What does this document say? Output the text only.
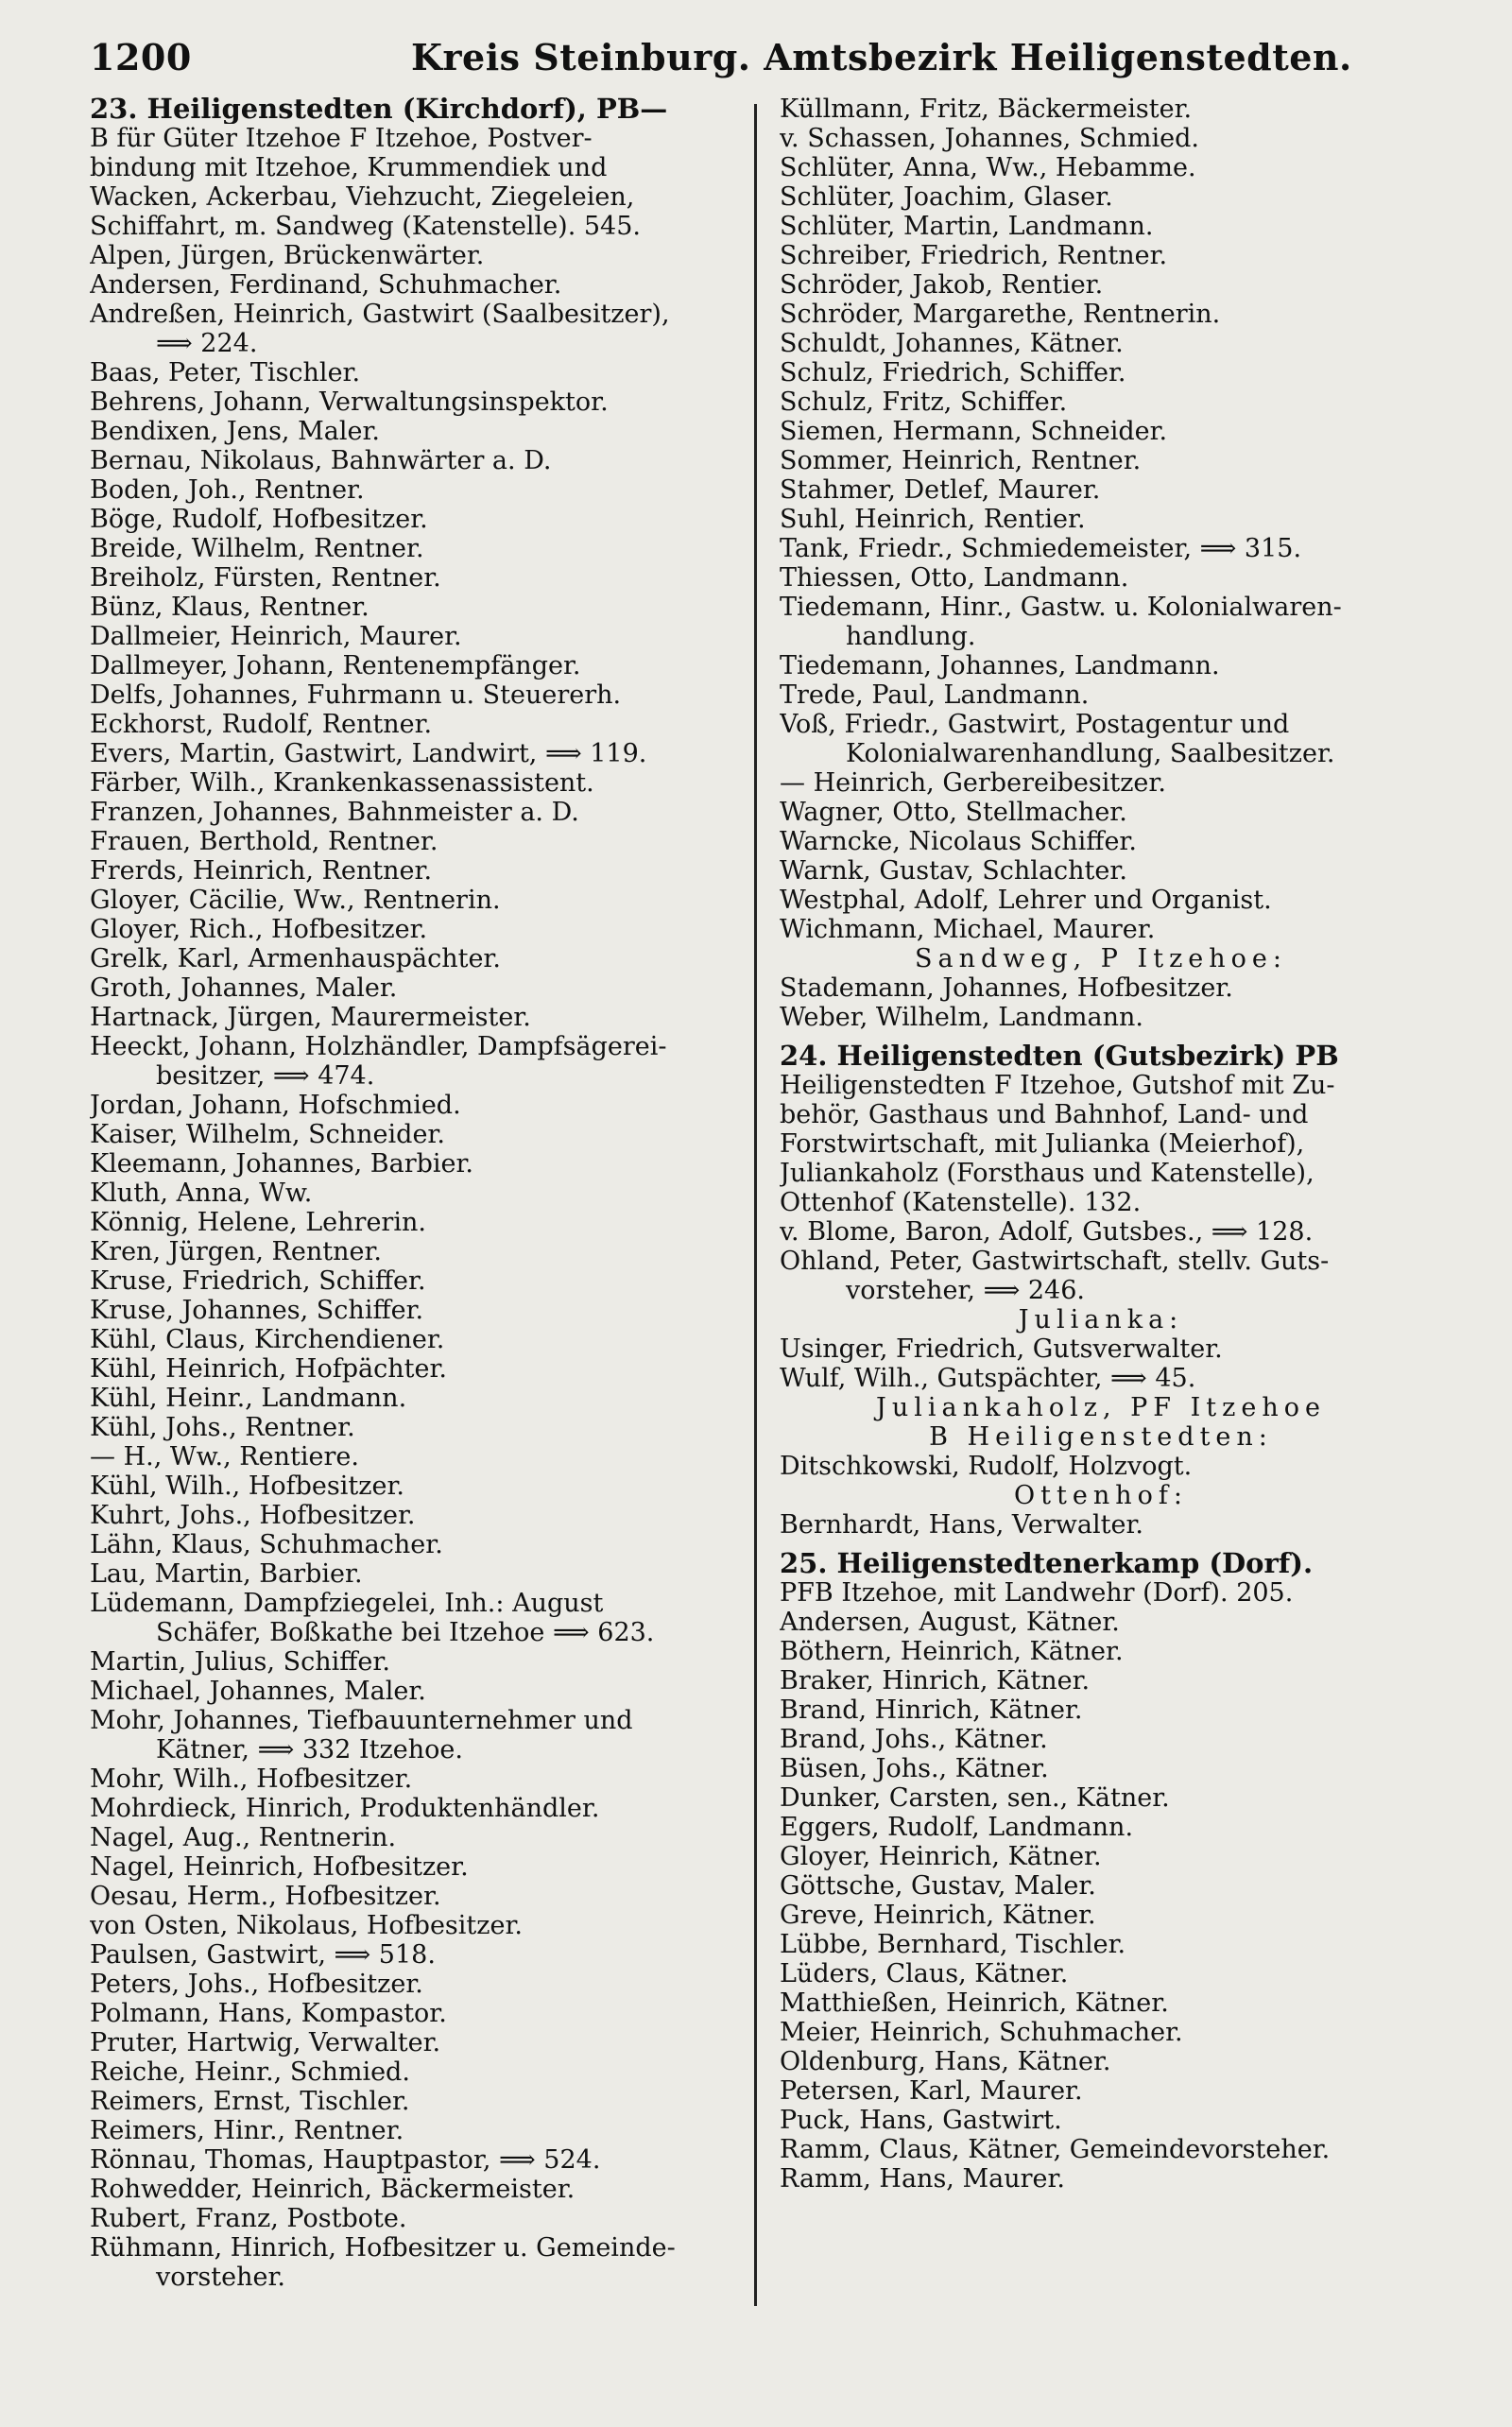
1200	Kreis Steinburg. Amtsbezirk Heiligenstedten.
23. Heiligenstedten (Kirchdorf), PB—
B für Güter Itzehoe F Itzehoe, Postver-
bindung mit Itzehoe, Krummendiek und
Wacken, Ackerbau, Viehzucht, Ziegeleien,
Schiffahrt, m. Sandweg (Katenstelle). 545.
Alpen, Jürgen, Brückenwärter.
Andersen, Ferdinand, Schuhmacher.
Andreßen, Heinrich, Gastwirt (Saalbesitzer),
⟹ 224.
Baas, Peter, Tischler.
Behrens, Johann, Verwaltungsinspektor.
Bendixen, Jens, Maler.
Bernau, Nikolaus, Bahnwärter a. D.
Boden, Joh., Rentner.
Böge, Rudolf, Hofbesitzer.
Breide, Wilhelm, Rentner.
Breiholz, Fürsten, Rentner.
Bünz, Klaus, Rentner.
Dallmeier, Heinrich, Maurer.
Dallmeyer, Johann, Rentenempfänger.
Delfs, Johannes, Fuhrmann u. Steuererh.
Eckhorst, Rudolf, Rentner.
Evers, Martin, Gastwirt, Landwirt, ⟹ 119.
Färber, Wilh., Krankenkassenassistent.
Franzen, Johannes, Bahnmeister a. D.
Frauen, Berthold, Rentner.
Frerds, Heinrich, Rentner.
Gloyer, Cäcilie, Ww., Rentnerin.
Gloyer, Rich., Hofbesitzer.
Grelk, Karl, Armenhauspächter.
Groth, Johannes, Maler.
Hartnack, Jürgen, Maurermeister.
Heeckt, Johann, Holzhändler, Dampfsägerei-
besitzer, ⟹ 474.
Jordan, Johann, Hofschmied.
Kaiser, Wilhelm, Schneider.
Kleemann, Johannes, Barbier.
Kluth, Anna, Ww.
Könnig, Helene, Lehrerin.
Kren, Jürgen, Rentner.
Kruse, Friedrich, Schiffer.
Kruse, Johannes, Schiffer.
Kühl, Claus, Kirchendiener.
Kühl, Heinrich, Hofpächter.
Kühl, Heinr., Landmann.
Kühl, Johs., Rentner.
— H., Ww., Rentiere.
Kühl, Wilh., Hofbesitzer.
Kuhrt, Johs., Hofbesitzer.
Lähn, Klaus, Schuhmacher.
Lau, Martin, Barbier.
Lüdemann, Dampfziegelei, Inh.: August
Schäfer, Boßkathe bei Itzehoe ⟹ 623.
Martin, Julius, Schiffer.
Michael, Johannes, Maler.
Mohr, Johannes, Tiefbauunternehmer und
Kätner, ⟹ 332 Itzehoe.
Mohr, Wilh., Hofbesitzer.
Mohrdieck, Hinrich, Produktenhändler.
Nagel, Aug., Rentnerin.
Nagel, Heinrich, Hofbesitzer.
Oesau, Herm., Hofbesitzer.
von Osten, Nikolaus, Hofbesitzer.
Paulsen, Gastwirt, ⟹ 518.
Peters, Johs., Hofbesitzer.
Polmann, Hans, Kompastor.
Pruter, Hartwig, Verwalter.
Reiche, Heinr., Schmied.
Reimers, Ernst, Tischler.
Reimers, Hinr., Rentner.
Rönnau, Thomas, Hauptpastor, ⟹ 524.
Rohwedder, Heinrich, Bäckermeister.
Rubert, Franz, Postbote.
Rühmann, Hinrich, Hofbesitzer u. Gemeinde-
vorsteher.
Küllmann, Fritz, Bäckermeister.
v. Schassen, Johannes, Schmied.
Schlüter, Anna, Ww., Hebamme.
Schlüter, Joachim, Glaser.
Schlüter, Martin, Landmann.
Schreiber, Friedrich, Rentner.
Schröder, Jakob, Rentier.
Schröder, Margarethe, Rentnerin.
Schuldt, Johannes, Kätner.
Schulz, Friedrich, Schiffer.
Schulz, Fritz, Schiffer.
Siemen, Hermann, Schneider.
Sommer, Heinrich, Rentner.
Stahmer, Detlef, Maurer.
Suhl, Heinrich, Rentier.
Tank, Friedr., Schmiedemeister, ⟹ 315.
Thiessen, Otto, Landmann.
Tiedemann, Hinr., Gastw. u. Kolonialwaren-
handlung.
Tiedemann, Johannes, Landmann.
Trede, Paul, Landmann.
Voß, Friedr., Gastwirt, Postagentur und
Kolonialwarenhandlung, Saalbesitzer.
— Heinrich, Gerbereibesitzer.
Wagner, Otto, Stellmacher.
Warncke, Nicolaus Schiffer.
Warnk, Gustav, Schlachter.
Westphal, Adolf, Lehrer und Organist.
Wichmann, Michael, Maurer.
Sandweg, P Itzehoe:
Stademann, Johannes, Hofbesitzer.
Weber, Wilhelm, Landmann.
24. Heiligenstedten (Gutsbezirk) PB
Heiligenstedten F Itzehoe, Gutshof mit Zu-
behör, Gasthaus und Bahnhof, Land- und
Forstwirtschaft, mit Julianka (Meierhof),
Juliankaholz (Forsthaus und Katenstelle),
Ottenhof (Katenstelle). 132.
v. Blome, Baron, Adolf, Gutsbes., ⟹ 128.
Ohland, Peter, Gastwirtschaft, stellv. Guts-
vorsteher, ⟹ 246.
Julianka:
Usinger, Friedrich, Gutsverwalter.
Wulf, Wilh., Gutspächter, ⟹ 45.
Juliankaholz, PF Itzehoe
B Heiligenstedten:
Ditschkowski, Rudolf, Holzvogt.
Ottenhof:
Bernhardt, Hans, Verwalter.
25. Heiligenstedtenerkamp (Dorf).
PFB Itzehoe, mit Landwehr (Dorf). 205.
Andersen, August, Kätner.
Böthern, Heinrich, Kätner.
Braker, Hinrich, Kätner.
Brand, Hinrich, Kätner.
Brand, Johs., Kätner.
Büsen, Johs., Kätner.
Dunker, Carsten, sen., Kätner.
Eggers, Rudolf, Landmann.
Gloyer, Heinrich, Kätner.
Göttsche, Gustav, Maler.
Greve, Heinrich, Kätner.
Lübbe, Bernhard, Tischler.
Lüders, Claus, Kätner.
Matthießen, Heinrich, Kätner.
Meier, Heinrich, Schuhmacher.
Oldenburg, Hans, Kätner.
Petersen, Karl, Maurer.
Puck, Hans, Gastwirt.
Ramm, Claus, Kätner, Gemeindevorsteher.
Ramm, Hans, Maurer.
